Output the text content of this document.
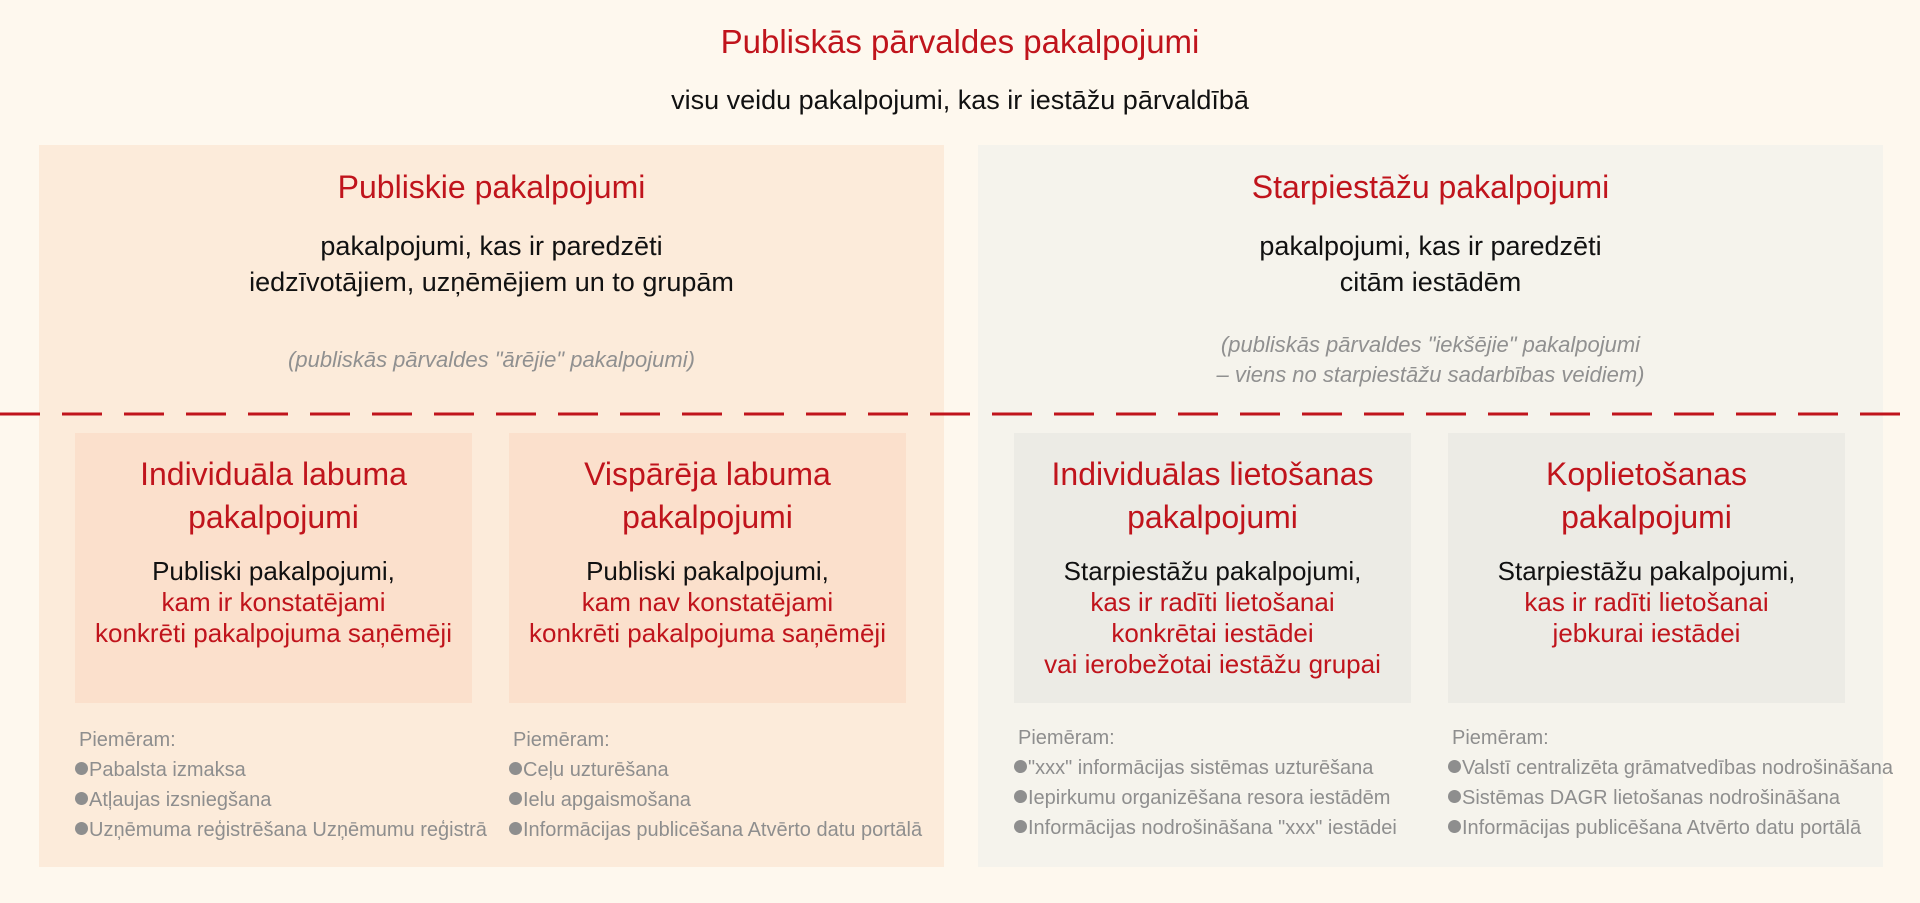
Publiskās pārvaldes pakalpojumi
visu veidu pakalpojumi, kas ir iestāžu pārvaldībā
Publiskie pakalpojumi
pakalpojumi, kas ir paredzēti
iedzīvotājiem, uzņēmējiem un to grupām
(publiskās pārvaldes "ārējie" pakalpojumi)
Starpiestāžu pakalpojumi
pakalpojumi, kas ir paredzēti
citām iestādēm
(publiskās pārvaldes "iekšējie" pakalpojumi
– viens no starpiestāžu sadarbības veidiem)
Individuāla labuma
pakalpojumi
Publiski pakalpojumi,
kam ir konstatējami
konkrēti pakalpojuma saņēmēji
Vispārēja labuma
pakalpojumi
Publiski pakalpojumi,
kam nav konstatējami
konkrēti pakalpojuma saņēmēji
Individuālas lietošanas
pakalpojumi
Starpiestāžu pakalpojumi,
kas ir radīti lietošanai
konkrētai iestādei
vai ierobežotai iestāžu grupai
Koplietošanas
pakalpojumi
Starpiestāžu pakalpojumi,
kas ir radīti lietošanai
jebkurai iestādei
Piemēram:
Pabalsta izmaksa
Atļaujas izsniegšana
Uzņēmuma reģistrēšana Uzņēmumu reģistrā
Piemēram:
Ceļu uzturēšana
Ielu apgaismošana
Informācijas publicēšana Atvērto datu portālā
Piemēram:
"xxx" informācijas sistēmas uzturēšana
Iepirkumu organizēšana resora iestādēm
Informācijas nodrošināšana "xxx" iestādei
Piemēram:
Valstī centralizēta grāmatvedības nodrošināšana
Sistēmas DAGR lietošanas nodrošināšana
Informācijas publicēšana Atvērto datu portālā
